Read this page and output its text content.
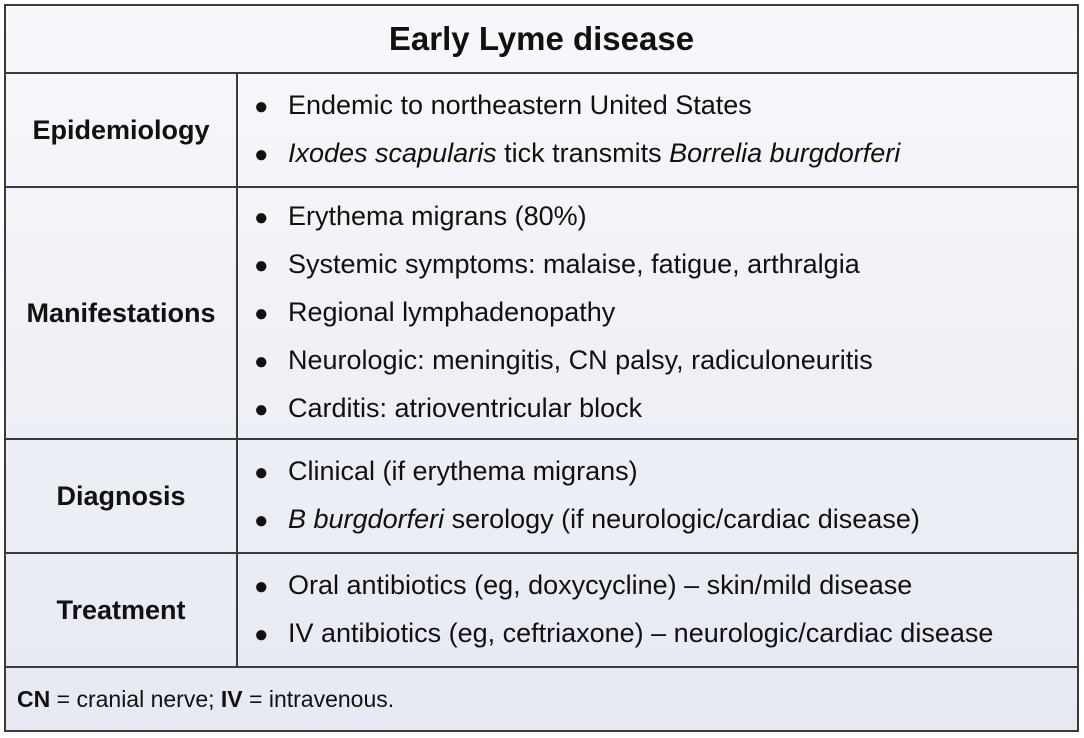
Early Lyme disease
Epidemiology
● Endemic to northeastern United States
● Ixodes scapularis tick transmits Borrelia burgdorferi
Manifestations
● Erythema migrans (80%)
● Systemic symptoms: malaise, fatigue, arthralgia
● Regional lymphadenopathy
● Neurologic: meningitis, CN palsy, radiculoneuritis
● Carditis: atrioventricular block
Diagnosis
● Clinical (if erythema migrans)
● B burgdorferi serology (if neurologic/cardiac disease)
Treatment
● Oral antibiotics (eg, doxycycline) – skin/mild disease
● IV antibiotics (eg, ceftriaxone) – neurologic/cardiac disease
CN = cranial nerve; IV = intravenous.
